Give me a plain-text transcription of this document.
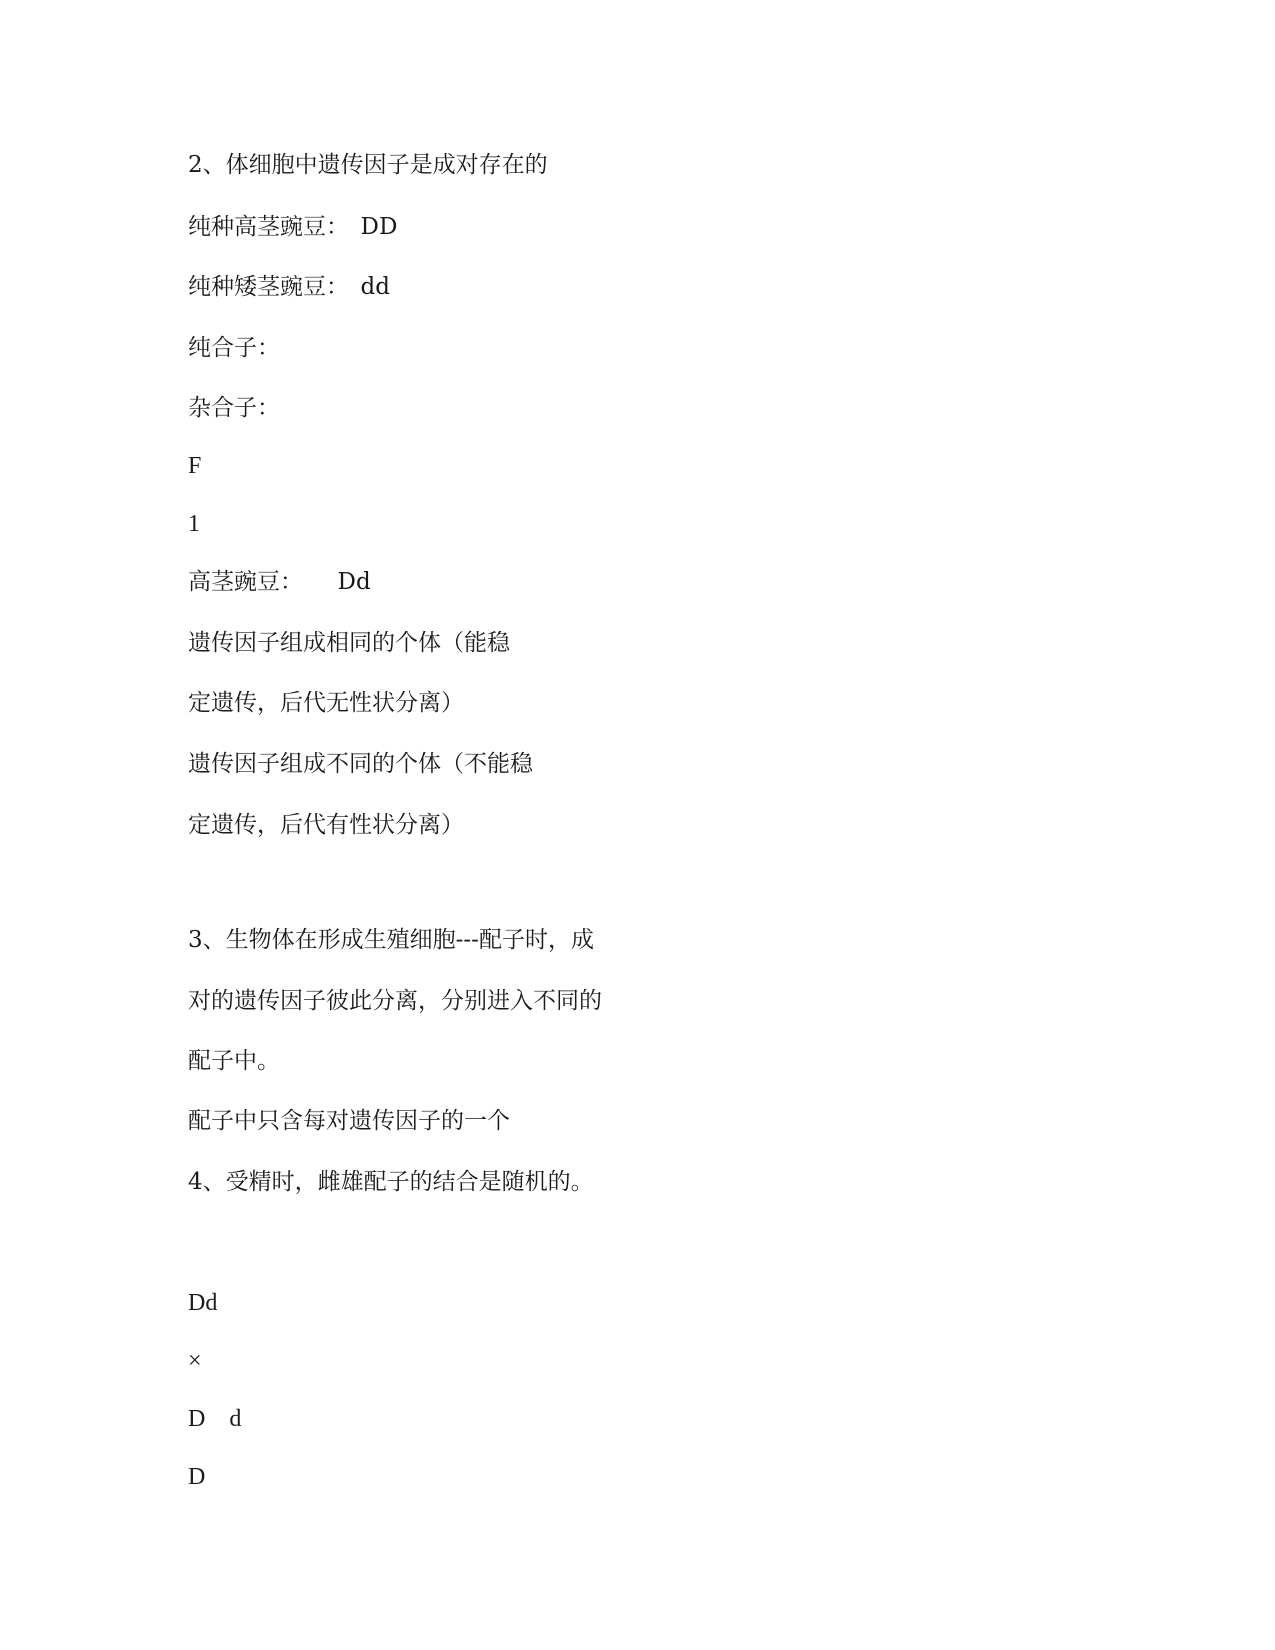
2、体细胞中遗传因子是成对存在的
纯种高茎豌豆：　DD
纯种矮茎豌豆：　dd
纯合子：
杂合子：
F
1
高茎豌豆：　　Dd
遗传因子组成相同的个体（能稳
定遗传，后代无性状分离）
遗传因子组成不同的个体（不能稳
定遗传，后代有性状分离）
3、生物体在形成生殖细胞---配子时，成
对的遗传因子彼此分离，分别进入不同的
配子中。
配子中只含每对遗传因子的一个
4、受精时，雌雄配子的结合是随机的。
Dd
×
D　d
D
